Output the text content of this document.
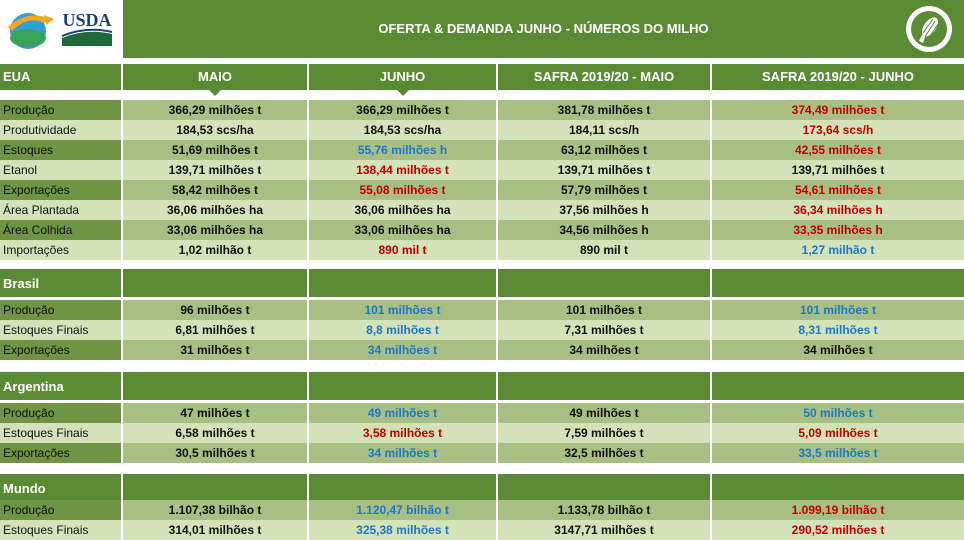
USDA	OFERTA & DEMANDA JUNHO - NÚMEROS DO MILHO
EUA	MAIO	JUNHO	SAFRA 2019/20 - MAIO	SAFRA 2019/20 - JUNHO
Produção	366,29 milhões t	366,29 milhões t	381,78 milhões t	374,49 milhões t
Produtividade	184,53 scs/ha	184,53 scs/ha	184,11 scs/h	173,64 scs/h
Estoques	51,69 milhões t	55,76 milhões h	63,12 milhões t	42,55 milhões t
Etanol	139,71 milhões t	138,44 milhões t	139,71 milhões t	139,71 milhões t
Exportações	58,42 milhões t	55,08 milhões t	57,79 milhões t	54,61 milhões t
Área Plantada	36,06 milhões ha	36,06 milhões ha	37,56 milhões h	36,34 milhões h
Área Colhida	33,06 milhões ha	33,06 milhões ha	34,56 milhões h	33,35 milhões h
Importações	1,02 milhão t	890 mil t	890 mil t	1,27 milhão t
Brasil
Produção	96 milhões t	101 milhões t	101 milhões t	101 milhões t
Estoques Finais	6,81 milhões t	8,8 milhões t	7,31 milhões t	8,31 milhões t
Exportações	31 milhões t	34 milhões t	34 milhões t	34 milhões t
Argentina
Produção	47 milhões t	49 milhões t	49 milhões t	50 milhões t
Estoques Finais	6,58 milhões t	3,58 milhões t	7,59 milhões t	5,09 milhões t
Exportações	30,5 milhões t	34 milhões t	32,5 milhões t	33,5 milhões t
Mundo
Produção	1.107,38 bilhão t	1.120,47 bilhão t	1.133,78 bilhão t	1.099,19 bilhão t
Estoques Finais	314,01 milhões t	325,38 milhões t	3147,71 milhões t	290,52 milhões t
